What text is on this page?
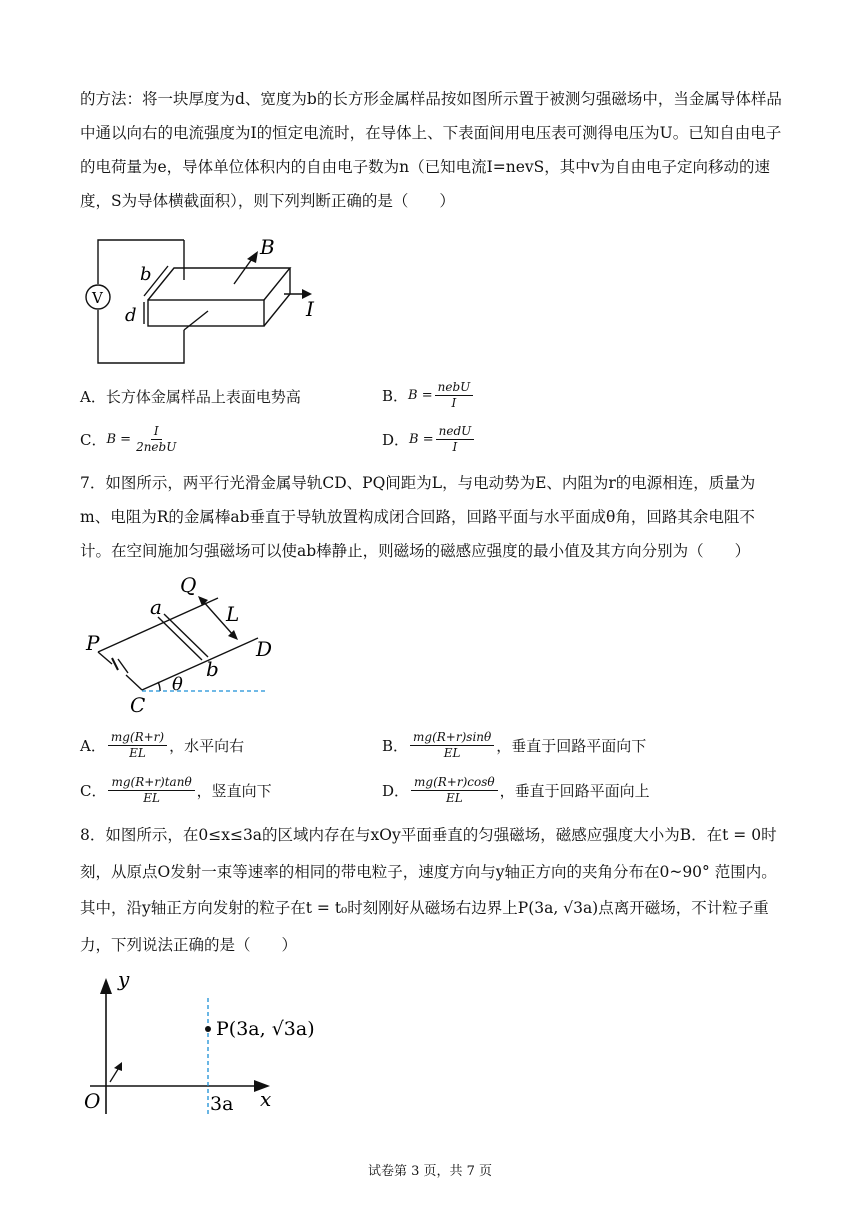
的方法：将一块厚度为d、宽度为b的长方形金属样品按如图所示置于被测匀强磁场中，当金属导体样品
中通以向右的电流强度为I的恒定电流时，在导体上、下表面间用电压表可测得电压为U。已知自由电子
的电荷量为e，导体单位体积内的自由电子数为n（已知电流I=nevS，其中v为自由电子定向移动的速
度，S为导体横截面积），则下列判断正确的是（　　）
B
b
V
d	I
A． 长方体金属样品上表面电势高	B． $B = \frac{\text{nebU}}{I}$
C． $B = \frac{I}{\text{2nebU}}$	D． $B = \frac{\text{nedU}}{I}$
7．如图所示，两平行光滑金属导轨CD、PQ间距为L，与电动势为E、内阻为r的电源相连，质量为
m、电阻为R的金属棒ab垂直于导轨放置构成闭合回路，回路平面与水平面成θ角，回路其余电阻不
计。在空间施加匀强磁场可以使ab棒静止，则磁场的磁感应强度的最小值及其方向分别为（　　）
Q
a	L
P	D
b
θ
C
A． $\frac{mg(R+r)}{EL}$ ，水平向右	B． $\frac{mg(R+r)\sin\theta}{EL}$ ，垂直于回路平面向下
C． $\frac{mg(R+r)\tan\theta}{EL}$ ，竖直向下	D． $\frac{mg(R+r)\cos\theta}{EL}$ ，垂直于回路平面向上
8．如图所示，在0≤x≤3a的区域内存在与xOy平面垂直的匀强磁场，磁感应强度大小为B．在t = 0时
刻，从原点O发射一束等速率的相同的带电粒子，速度方向与y轴正方向的夹角分布在0~90° 范围内。
其中，沿y轴正方向发射的粒子在t = t₀时刻刚好从磁场右边界上P(3a, √3a)点离开磁场，不计粒子重
力，下列说法正确的是（　　）
y
P(3a, √3a)
O	3a x
试卷第 3 页，共 7 页
